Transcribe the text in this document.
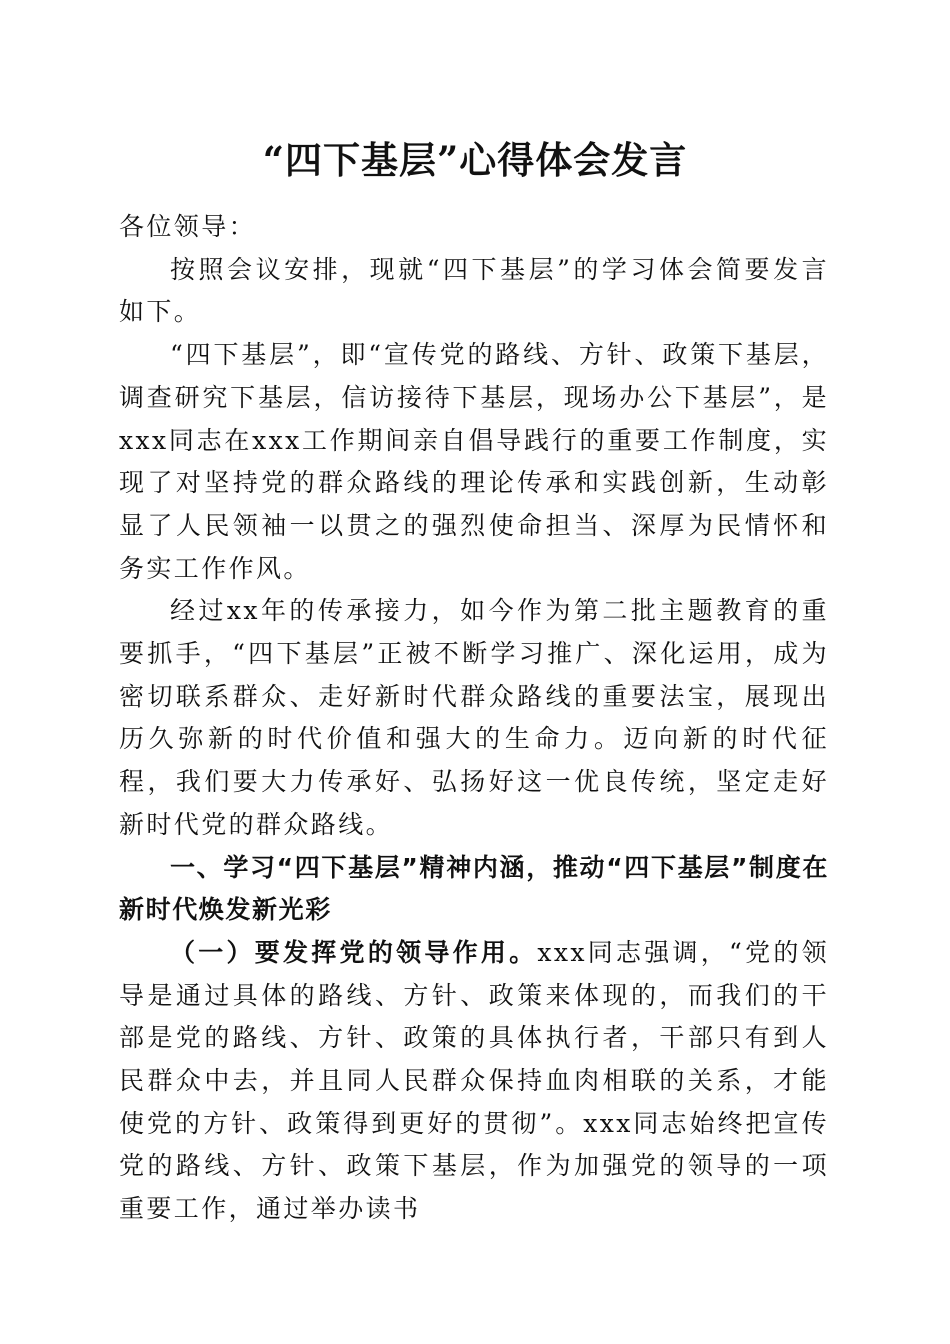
“四下基层”心得体会发言

各位领导：

按照会议安排，现就“四下基层”的学习体会简要发言如下。

“四下基层”，即“宣传党的路线、方针、政策下基层，调查研究下基层，信访接待下基层，现场办公下基层”，是xxx同志在xxx工作期间亲自倡导践行的重要工作制度，实现了对坚持党的群众路线的理论传承和实践创新，生动彰显了人民领袖一以贯之的强烈使命担当、深厚为民情怀和务实工作作风。

经过xx年的传承接力，如今作为第二批主题教育的重要抓手，“四下基层”正被不断学习推广、深化运用，成为密切联系群众、走好新时代群众路线的重要法宝，展现出历久弥新的时代价值和强大的生命力。迈向新的时代征程，我们要大力传承好、弘扬好这一优良传统，坚定走好新时代党的群众路线。

一、学习“四下基层”精神内涵，推动“四下基层”制度在新时代焕发新光彩

（一）要发挥党的领导作用。xxx同志强调，“党的领导是通过具体的路线、方针、政策来体现的，而我们的干部是党的路线、方针、政策的具体执行者，干部只有到人民群众中去，并且同人民群众保持血肉相联的关系，才能使党的方针、政策得到更好的贯彻”。xxx同志始终把宣传党的路线、方针、政策下基层，作为加强党的领导的一项重要工作，通过举办读书
